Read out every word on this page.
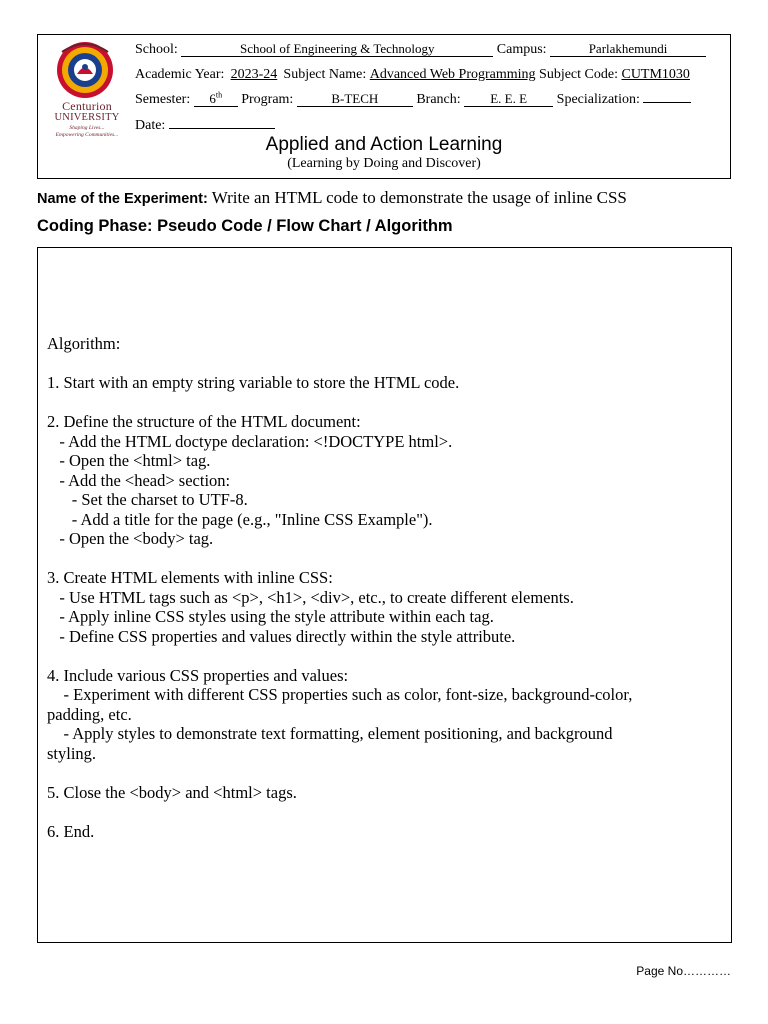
Centurion
UNIVERSITY
Shaping Lives...
Empowering Communities...
School:	School of Engineering & Technology	Campus:	Parlakhemundi
Academic Year: 2023-24 Subject Name: Advanced Web Programming Subject Code: CUTM1030
Semester: 6th Program:	B-TECH	Branch: E. E. E Specialization:
Date:
Applied and Action Learning
(Learning by Doing and Discover)
Name of the Experiment: Write an HTML code to demonstrate the usage of inline CSS
Coding Phase: Pseudo Code / Flow Chart / Algorithm
Algorithm:

1. Start with an empty string variable to store the HTML code.

2. Define the structure of the HTML document:
- Add the HTML doctype declaration: <!DOCTYPE html>.
- Open the <html> tag.
- Add the <head> section:
- Set the charset to UTF-8.
- Add a title for the page (e.g., "Inline CSS Example").
- Open the <body> tag.

3. Create HTML elements with inline CSS:
- Use HTML tags such as <p>, <h1>, <div>, etc., to create different elements.
- Apply inline CSS styles using the style attribute within each tag.
- Define CSS properties and values directly within the style attribute.

4. Include various CSS properties and values:
- Experiment with different CSS properties such as color, font-size, background-color,
padding, etc.
- Apply styles to demonstrate text formatting, element positioning, and background
styling.

5. Close the <body> and <html> tags.

6. End.
Page No…………
